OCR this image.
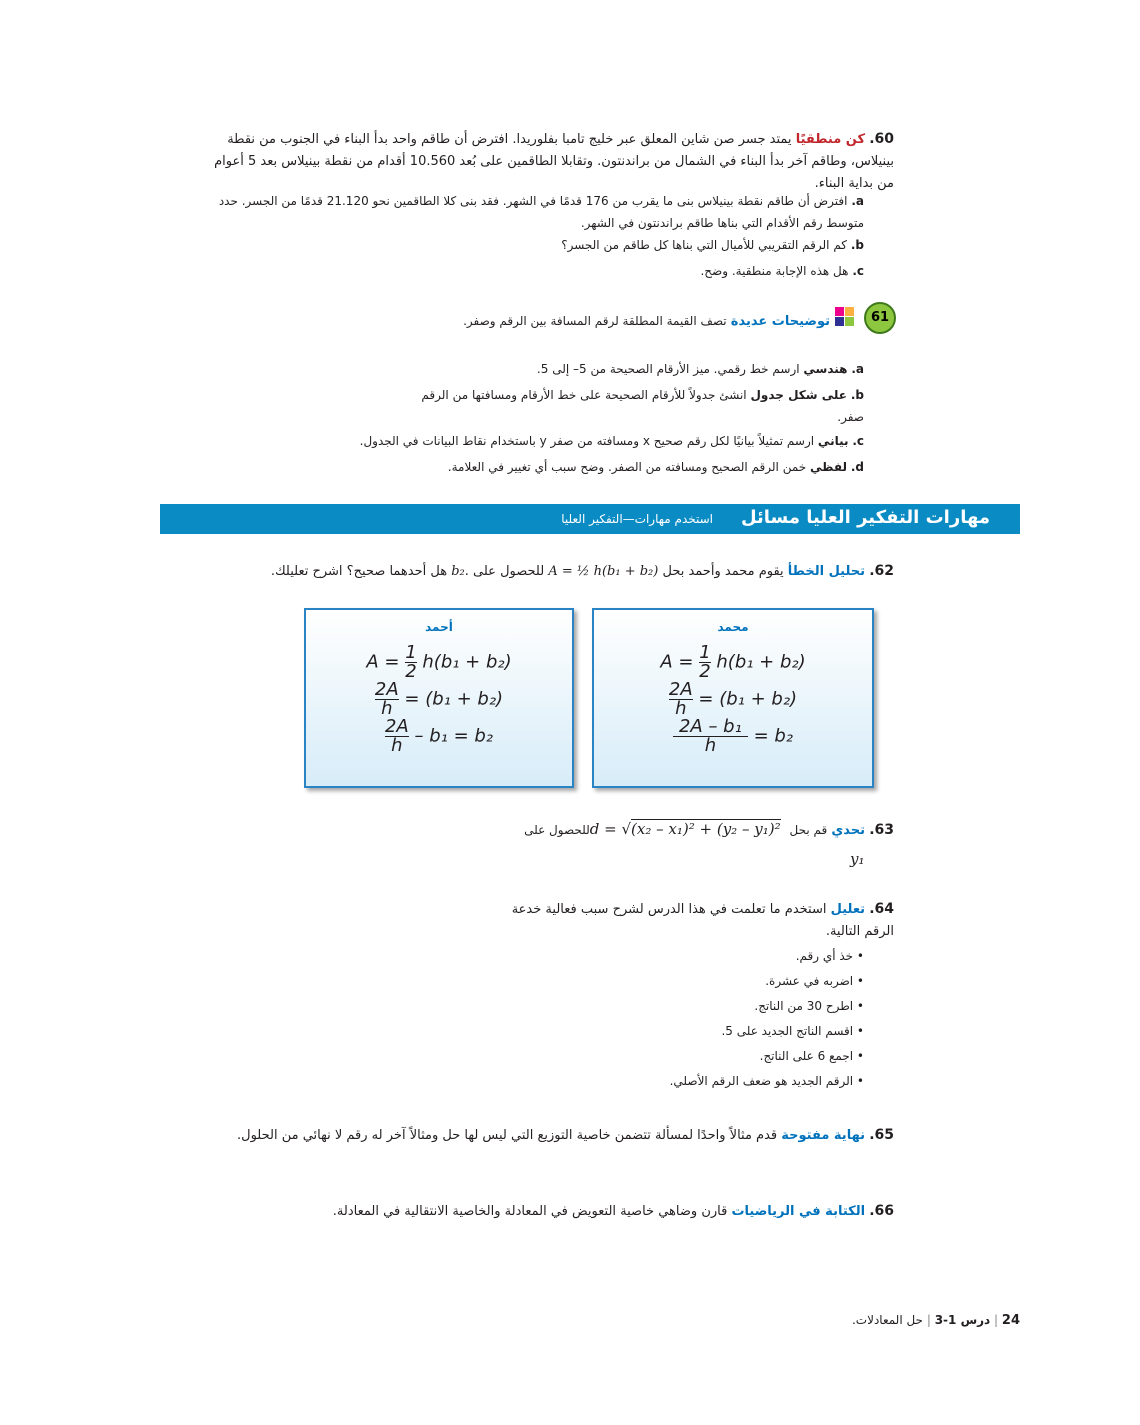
60. كن منطقيًا يمتد جسر صن شاين المعلق عبر خليج تامبا بفلوريدا. افترض أن طاقم واحد بدأ البناء في الجنوب من نقطة بينيلاس، وطاقم آخر بدأ البناء في الشمال من براندنتون. وتقابلا الطاقمين على بُعد 10.560 أقدام من نقطة بينيلاس بعد 5 أعوام من بداية البناء.
a. افترض أن طاقم نقطة بينيلاس بنى ما يقرب من 176 قدمًا في الشهر. فقد بنى كلا الطاقمين نحو 21.120 قدمًا من الجسر. حدد متوسط رقم الأقدام التي بناها طاقم براندنتون في الشهر.
b. كم الرقم التقريبي للأميال التي بناها كل طاقم من الجسر؟
c. هل هذه الإجابة منطقية. وضح.
61
توضيحات عديدة تصف القيمة المطلقة لرقم المسافة بين الرقم وصفر.
a. هندسي ارسم خط رقمي. ميز الأرقام الصحيحة من 5– إلى 5.
b. على شكل جدول انشئ جدولاً للأرقام الصحيحة على خط الأرقام ومسافتها من الرقم صفر.
c. بياني ارسم تمثيلاً بيانيًا لكل رقم صحيح x ومسافته من صفر y باستخدام نقاط البيانات في الجدول.
d. لفظي خمن الرقم الصحيح ومسافته من الصفر. وضح سبب أي تغيير في العلامة.
مهارات التفكير العليا مسائل
استخدم مهارات—التفكير العليا
62. تحليل الخطأ يقوم محمد وأحمد بحل A = ½ h(b₁ + b₂) للحصول على b₂. هل أحدهما صحيح؟ اشرح تعليلك.
أحمد
$A = \frac{1}{2} h(b_1 + b_2)$
$\frac{2A}{h} = (b_1 + b_2)$
$\frac{2A}{h} - b_1 = b_2$
محمد
$A = \frac{1}{2} h(b_1 + b_2)$
$\frac{2A}{h} = (b_1 + b_2)$
$\frac{\text{2A – b₁}}{h} = b_2$
63. تحدي قم بحل d = √(x₂ – x₁)² + (y₂ – y₁)² للحصول على
y₁
64. تعليل استخدم ما تعلمت في هذا الدرس لشرح سبب فعالية خدعة الرقم التالية.
• خذ أي رقم.
• اضربه في عشرة.
• اطرح 30 من الناتج.
• اقسم الناتج الجديد على 5.
• اجمع 6 على الناتج.
• الرقم الجديد هو ضعف الرقم الأصلي.
65. نهاية مفتوحة قدم مثالاً واحدًا لمسألة تتضمن خاصية التوزيع التي ليس لها حل ومثالاً آخر له رقم لا نهائي من الحلول.
66. الكتابة في الرياضيات قارن وضاهي خاصية التعويض في المعادلة والخاصية الانتقالية في المعادلة.
24 | درس 1-3 | حل المعادلات.
